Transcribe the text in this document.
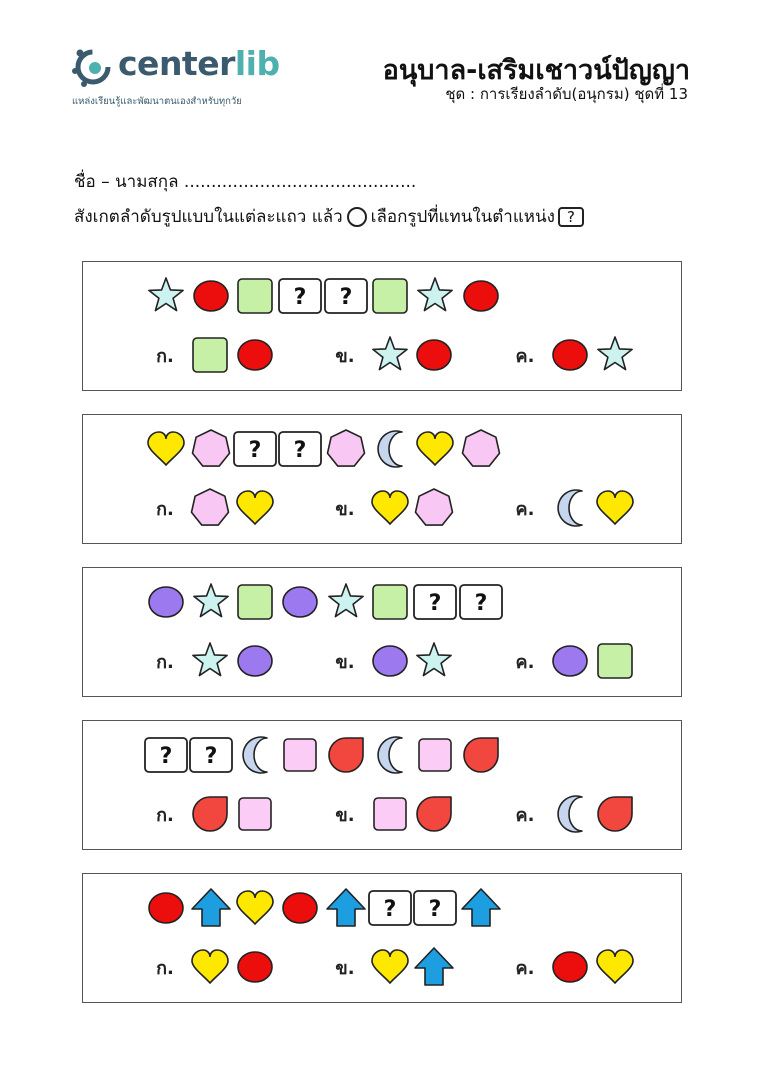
centerlib
แหล่งเรียนรู้และพัฒนาตนเองสำหรับทุกวัย
อนุบาล-เสริมเชาวน์ปัญญา
ชุด : การเรียงลำดับ(อนุกรม) ชุดที่ 13
ชื่อ – นามสกุล ...........................................
สังเกตลำดับรูปแบบในแต่ละแถว แล้ว เลือกรูปที่แทนในตำแหน่ง ?
? ?
ก.	ข.	ค.
? ?
ก.	ข.	ค.
? ?
ก.	ข.	ค.
? ?
ก.	ข.	ค.
? ?
ก.	ข.	ค.
